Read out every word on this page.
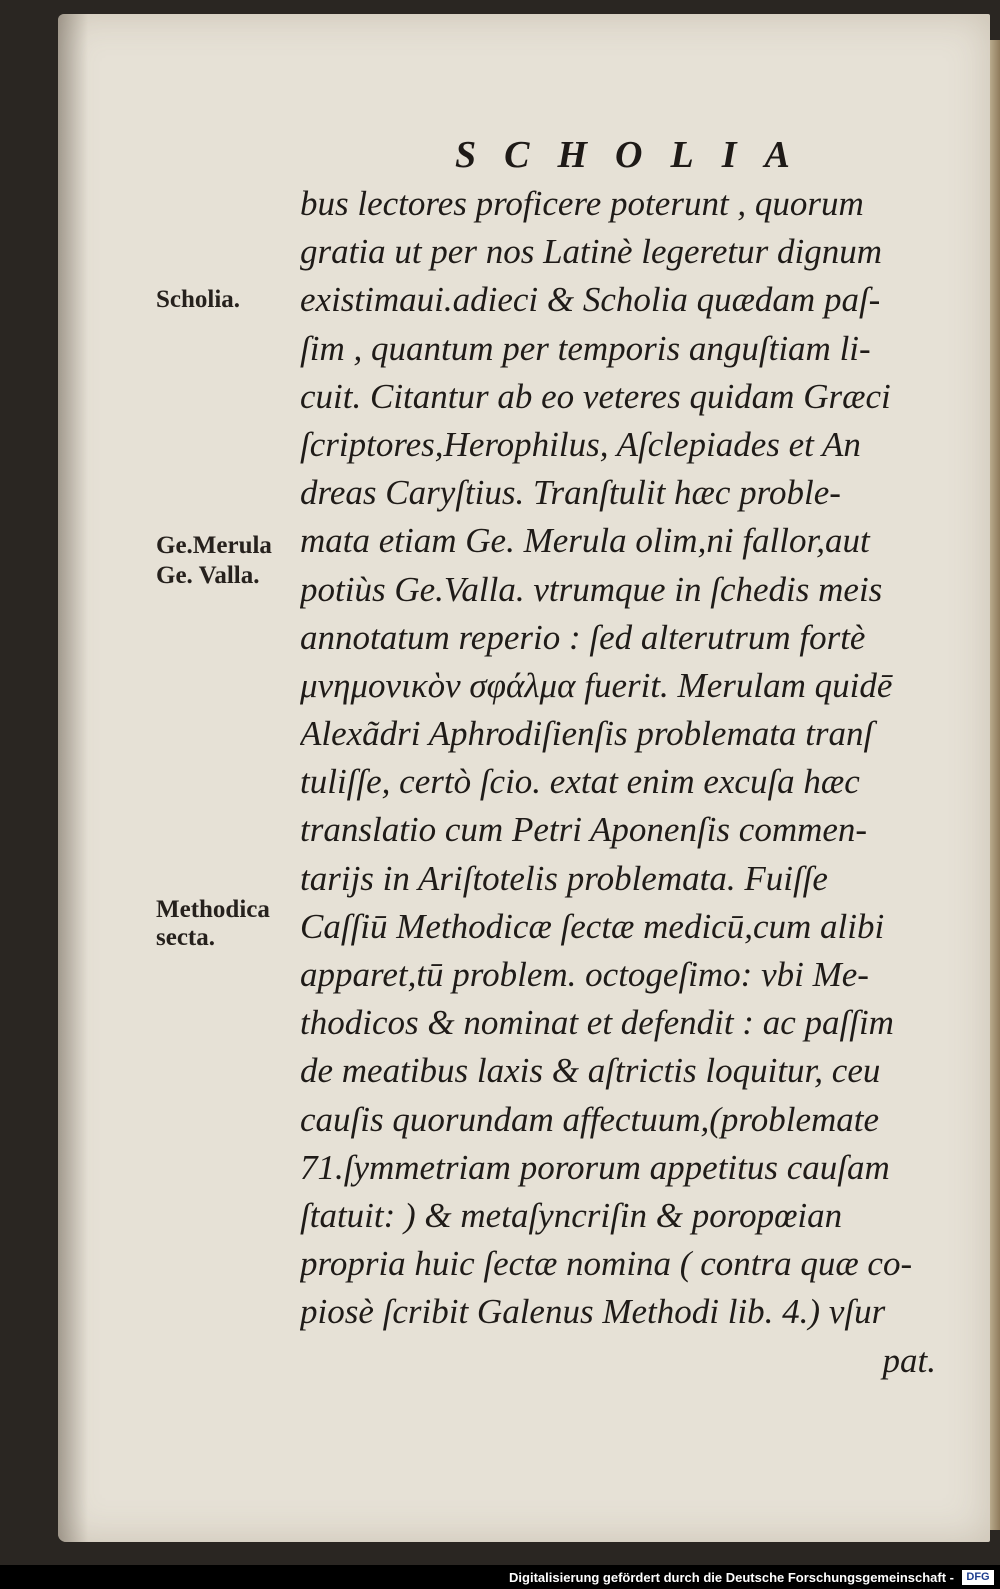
SCHOLIA
Scholia.
Ge.Merula
Ge. Valla.
Methodica
secta.
bus lectores proficere poterunt , quorum
gratia ut per nos Latinè legeretur dignum
existimaui.adieci & Scholia quædam paſ-
ſim , quantum per temporis anguſtiam li-
cuit. Citantur ab eo veteres quidam Græci
ſcriptores,Herophilus, Aſclepiades et An
dreas Caryſtius. Tranſtulit hæc proble-
mata etiam Ge. Merula olim,ni fallor,aut
potiùs Ge.Valla. vtrumque in ſchedis meis
annotatum reperio : ſed alterutrum fortè
μνημονικὸν σφάλμα fuerit. Merulam quidē
Alexãdri Aphrodiſienſis problemata tranſ
tuliſſe, certò ſcio. extat enim excuſa hæc
translatio cum Petri Aponenſis commen-
tarijs in Ariſtotelis problemata. Fuiſſe
Caſſiū Methodicæ ſectæ medicū,cum alibi
apparet,tū problem. octogeſimo: vbi Me-
thodicos & nominat et defendit : ac paſſim
de meatibus laxis & aſtrictis loquitur, ceu
cauſis quorundam affectuum,(problemate
71.ſymmetriam pororum appetitus cauſam
ſtatuit: ) & metaſyncriſin & poropœian
propria huic ſectæ nomina ( contra quæ co-
piosè ſcribit Galenus Methodi lib. 4.) vſur
pat.
Digitalisierung gefördert durch die Deutsche Forschungsgemeinschaft -	DFG
